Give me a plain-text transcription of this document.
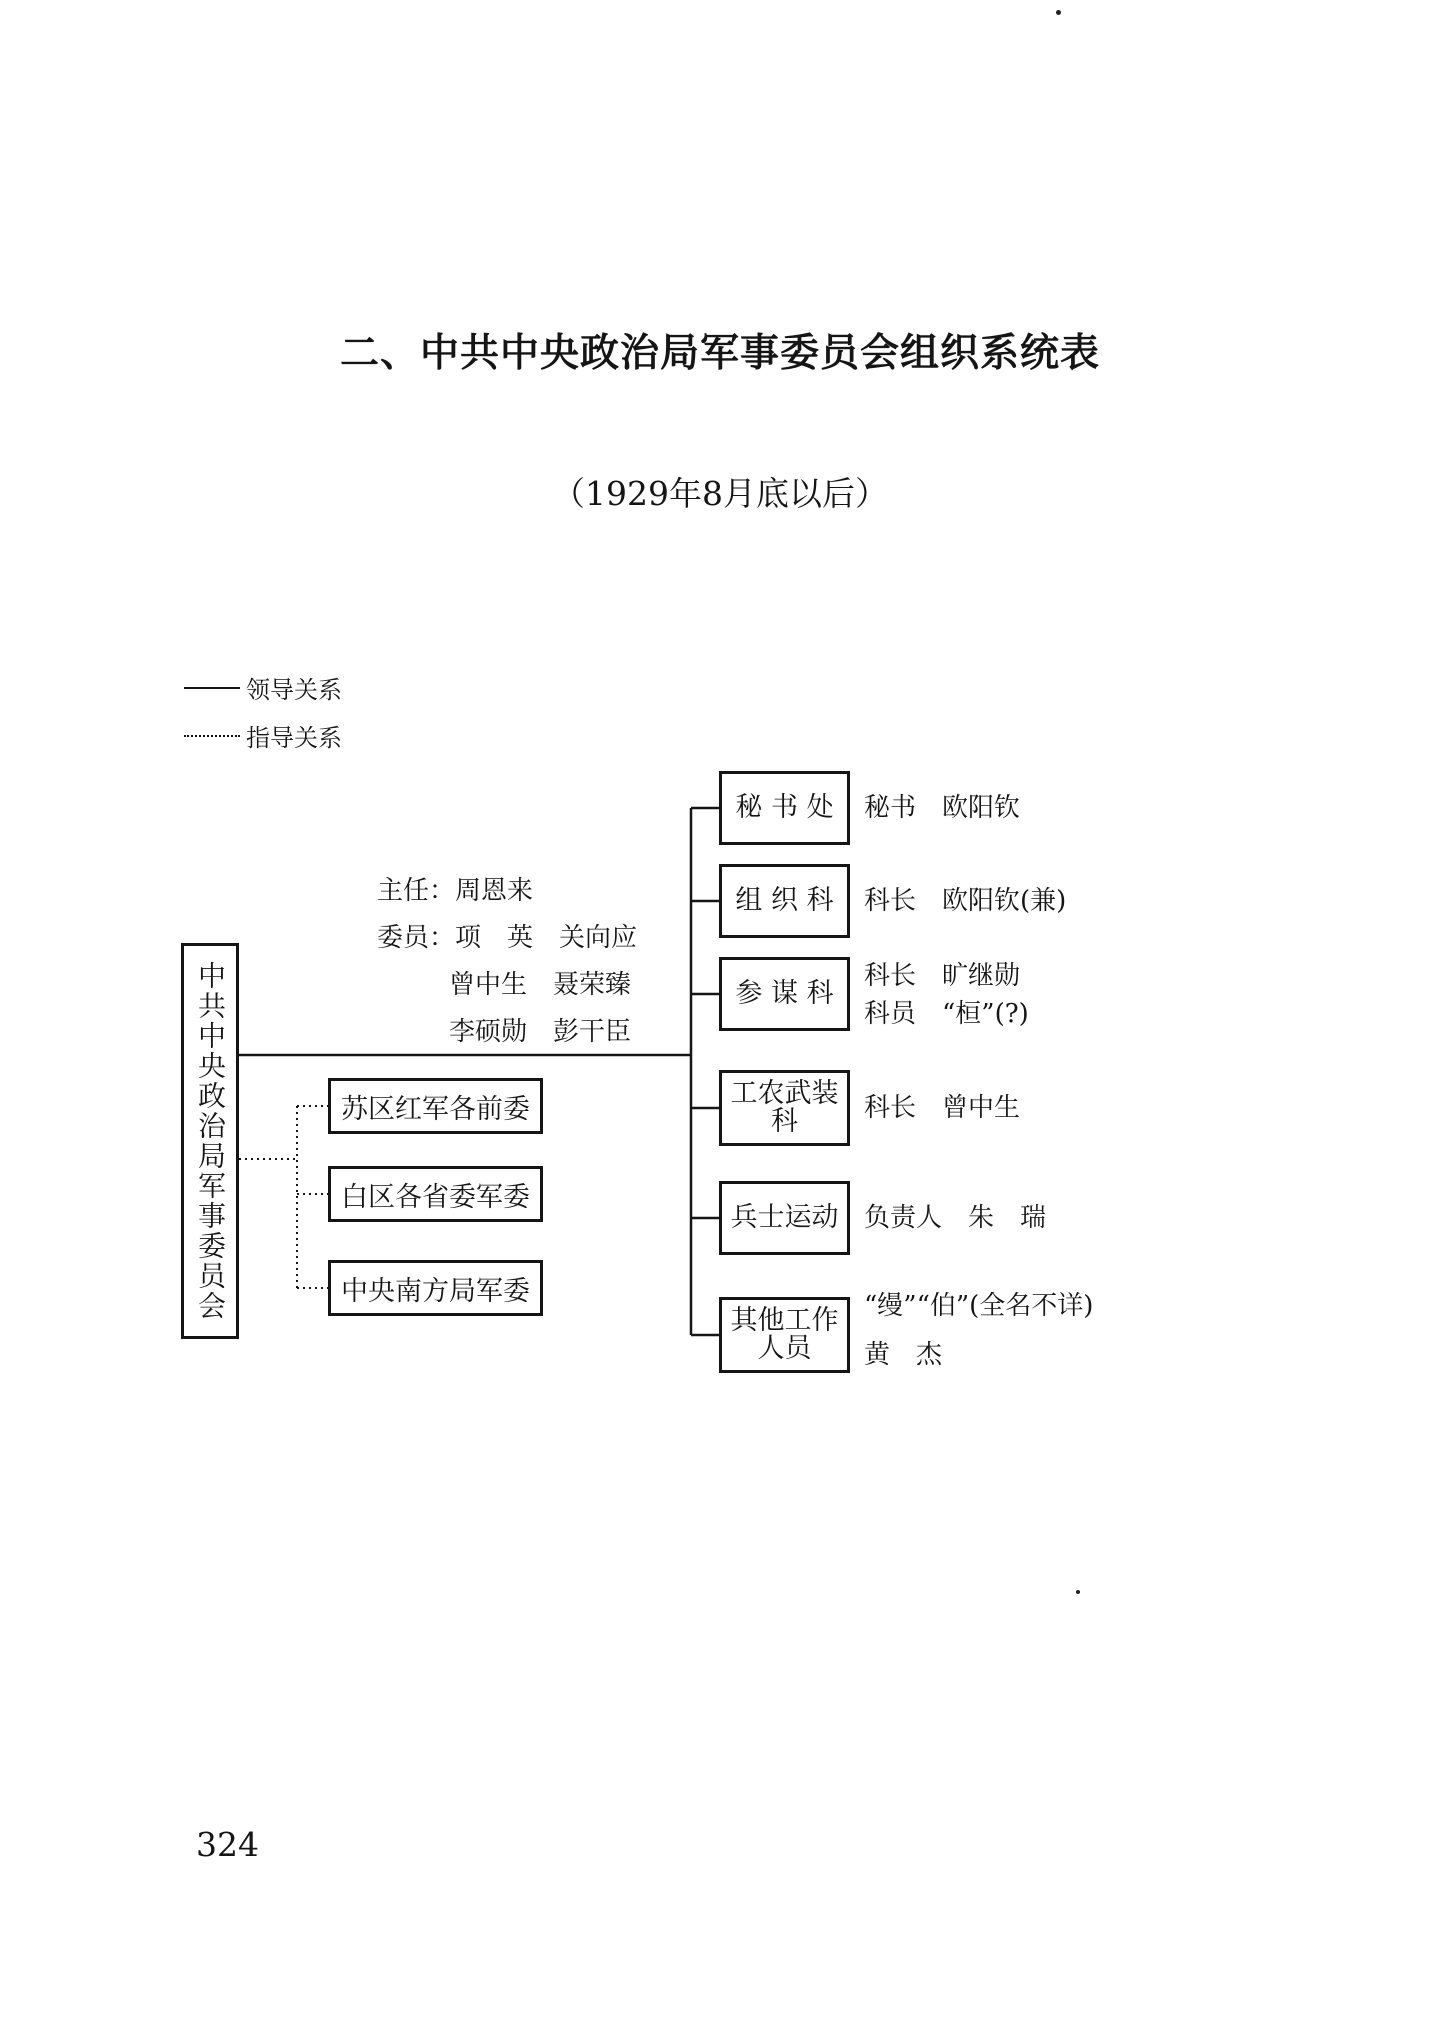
二、中共中央政治局军事委员会组织系统表
（1929年8月底以后）
领导关系
指导关系
中共中央政治局军事委员会
主任：周恩来
委员：项　英　关向应
曾中生　聂荣臻
李硕勋　彭干臣
苏区红军各前委
白区各省委军委
中央南方局军委
秘 书 处
组 织 科
参 谋 科
工农武装科
兵士运动
其他工作人员
秘书　欧阳钦
科长　欧阳钦(兼)
科长　旷继勋
科员　“桓”(?)
科长　曾中生
负责人　朱　瑞
“缦”“伯”(全名不详)
黄　杰
324
